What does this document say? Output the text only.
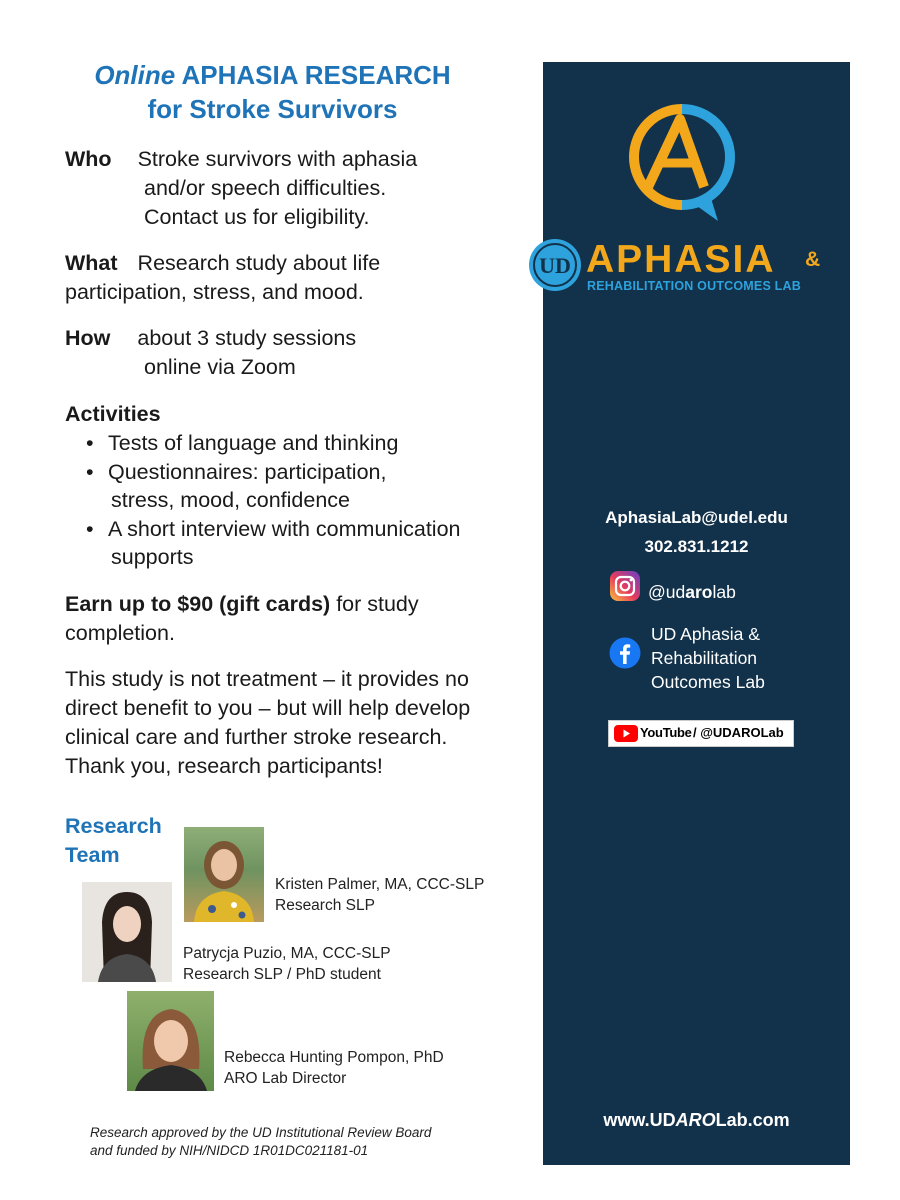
Online APHASIA RESEARCH
for Stroke Survivors
Who Stroke survivors with aphasia
and/or speech difficulties.
Contact us for eligibility.
What Research study about life
participation, stress, and mood.
How about 3 study sessions
online via Zoom
Activities
• Tests of language and thinking
• Questionnaires: participation,
stress, mood, confidence
• A short interview with communication
supports
Earn up to $90 (gift cards) for study
completion.
This study is not treatment – it provides no
direct benefit to you – but will help develop
clinical care and further stroke research.
Thank you, research participants!
Research
Team
Kristen Palmer, MA, CCC-SLP
Research SLP
Patrycja Puzio, MA, CCC-SLP
Research SLP / PhD student
Rebecca Hunting Pompon, PhD
ARO Lab Director
Research approved by the UD Institutional Review Board
and funded by NIH/NIDCD 1R01DC021181-01
UD APHASIA &
REHABILITATION OUTCOMES LAB
AphasiaLab@udel.edu
302.831.1212
@udarolab
UD Aphasia &
Rehabilitation
Outcomes Lab
YouTube / @UDAROLab
www.UDAROLab.com
